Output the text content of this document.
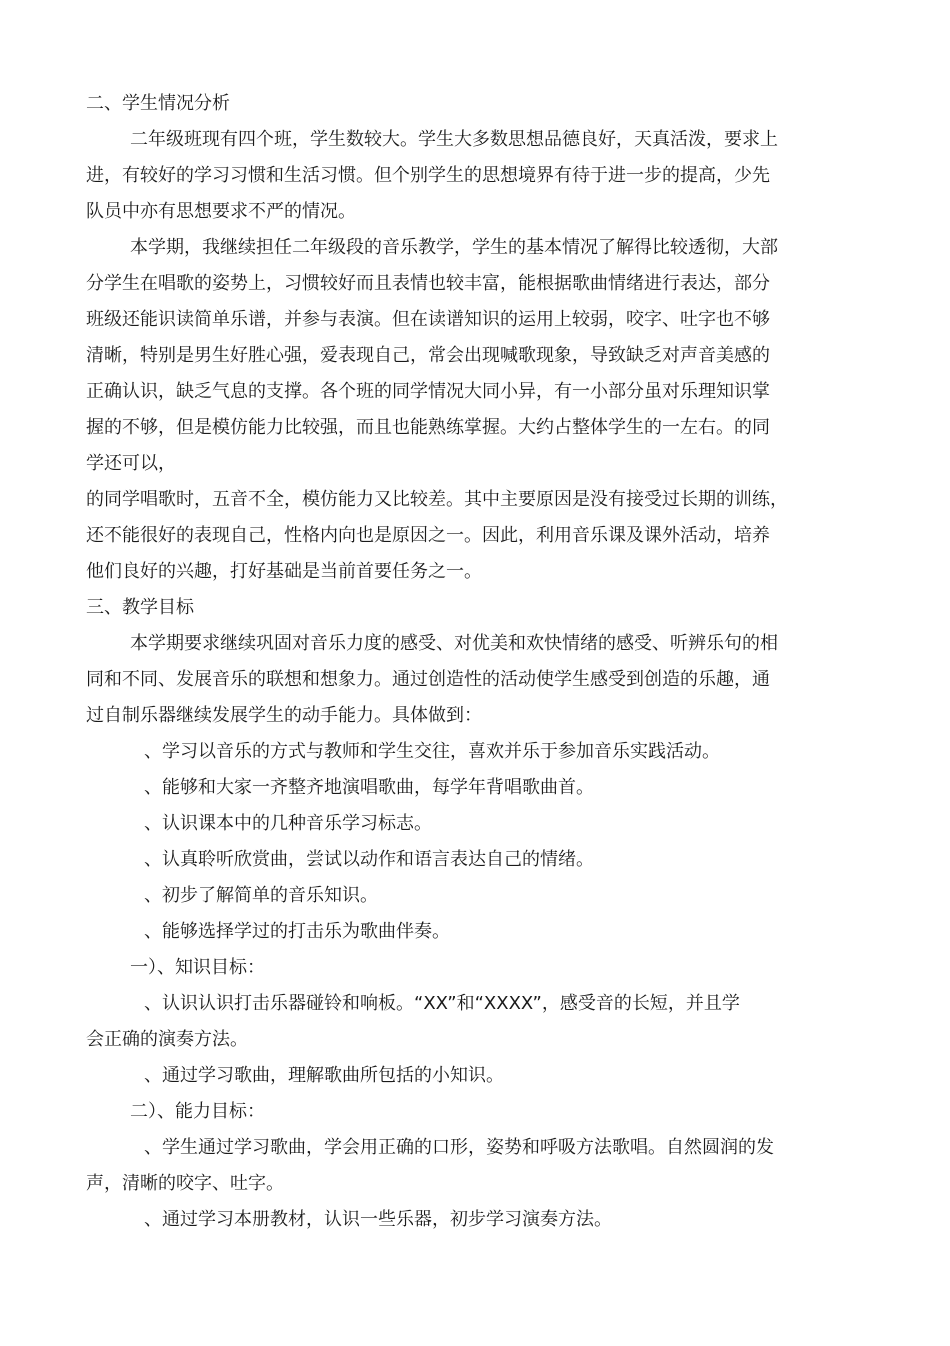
二、学生情况分析

二年级班现有四个班，学生数较大。学生大多数思想品德良好，天真活泼，要求上

进，有较好的学习习惯和生活习惯。但个别学生的思想境界有待于进一步的提高，少先

队员中亦有思想要求不严的情况。

本学期，我继续担任二年级段的音乐教学，学生的基本情况了解得比较透彻，大部

分学生在唱歌的姿势上，习惯较好而且表情也较丰富，能根据歌曲情绪进行表达，部分

班级还能识读简单乐谱，并参与表演。但在读谱知识的运用上较弱，咬字、吐字也不够

清晰，特别是男生好胜心强，爱表现自己，常会出现喊歌现象，导致缺乏对声音美感的

正确认识，缺乏气息的支撑。各个班的同学情况大同小异，有一小部分虽对乐理知识掌

握的不够，但是模仿能力比较强，而且也能熟练掌握。大约占整体学生的一左右。的同

学还可以，

的同学唱歌时，五音不全，模仿能力又比较差。其中主要原因是没有接受过长期的训练，

还不能很好的表现自己，性格内向也是原因之一。因此，利用音乐课及课外活动，培养

他们良好的兴趣，打好基础是当前首要任务之一。

三、教学目标

本学期要求继续巩固对音乐力度的感受、对优美和欢快情绪的感受、听辨乐句的相

同和不同、发展音乐的联想和想象力。通过创造性的活动使学生感受到创造的乐趣，通

过自制乐器继续发展学生的动手能力。具体做到：

、学习以音乐的方式与教师和学生交往，喜欢并乐于参加音乐实践活动。

、能够和大家一齐整齐地演唱歌曲，每学年背唱歌曲首。

、认识课本中的几种音乐学习标志。

、认真聆听欣赏曲，尝试以动作和语言表达自己的情绪。

、初步了解简单的音乐知识。

、能够选择学过的打击乐为歌曲伴奏。

一）、知识目标：

、认识认识打击乐器碰铃和响板。“XX”和“XXXX”，感受音的长短，并且学

会正确的演奏方法。

、通过学习歌曲，理解歌曲所包括的小知识。

二）、能力目标：

、学生通过学习歌曲，学会用正确的口形，姿势和呼吸方法歌唱。自然圆润的发

声，清晰的咬字、吐字。

、通过学习本册教材，认识一些乐器，初步学习演奏方法。
